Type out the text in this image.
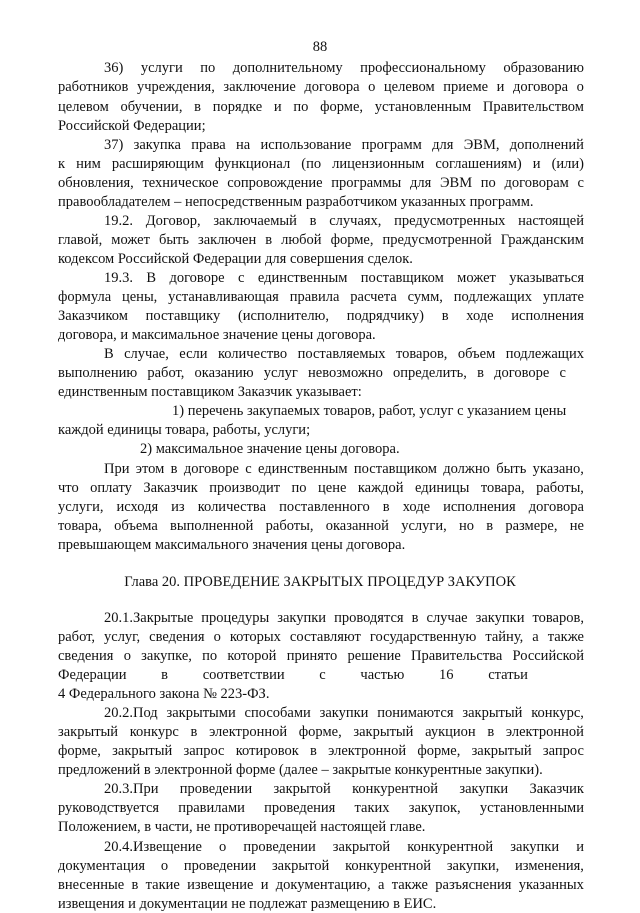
88
36) услуги по дополнительному профессиональному образованию
работников учреждения, заключение договора о целевом приеме и договора о
целевом обучении, в порядке и по форме, установленным Правительством
Российской Федерации;
37) закупка права на использование программ для ЭВМ, дополнений
к ним расширяющим функционал (по лицензионным соглашениям) и (или)
обновления, техническое сопровождение программы для ЭВМ по договорам с
правообладателем – непосредственным разработчиком указанных программ.
19.2. Договор, заключаемый в случаях, предусмотренных настоящей
главой, может быть заключен в любой форме, предусмотренной Гражданским
кодексом Российской Федерации для совершения сделок.
19.3. В договоре с единственным поставщиком может указываться
формула цены, устанавливающая правила расчета сумм, подлежащих уплате
Заказчиком поставщику (исполнителю, подрядчику) в ходе исполнения
договора, и максимальное значение цены договора.
В случае, если количество поставляемых товаров, объем подлежащих
выполнению работ, оказанию услуг невозможно определить, в договоре с
единственным поставщиком Заказчик указывает:
1) перечень закупаемых товаров, работ, услуг с указанием цены
каждой единицы товара, работы, услуги;
2) максимальное значение цены договора.
При этом в договоре с единственным поставщиком должно быть указано,
что оплату Заказчик производит по цене каждой единицы товара, работы,
услуги, исходя из количества поставленного в ходе исполнения договора
товара, объема выполненной работы, оказанной услуги, но в размере, не
превышающем максимального значения цены договора.
Глава 20. ПРОВЕДЕНИЕ ЗАКРЫТЫХ ПРОЦЕДУР ЗАКУПОК
20.1.Закрытые процедуры закупки проводятся в случае закупки товаров,
работ, услуг, сведения о которых составляют государственную тайну, а также
сведения о закупке, по которой принято решение Правительства Российской
Федерации в соответствии с частью 16 статьи
4 Федерального закона № 223-ФЗ.
20.2.Под закрытыми способами закупки понимаются закрытый конкурс,
закрытый конкурс в электронной форме, закрытый аукцион в электронной
форме, закрытый запрос котировок в электронной форме, закрытый запрос
предложений в электронной форме (далее – закрытые конкурентные закупки).
20.3.При проведении закрытой конкурентной закупки Заказчик
руководствуется правилами проведения таких закупок, установленными
Положением, в части, не противоречащей настоящей главе.
20.4.Извещение о проведении закрытой конкурентной закупки и
документация о проведении закрытой конкурентной закупки, изменения,
внесенные в такие извещение и документацию, а также разъяснения указанных
извещения и документации не подлежат размещению в ЕИС.
